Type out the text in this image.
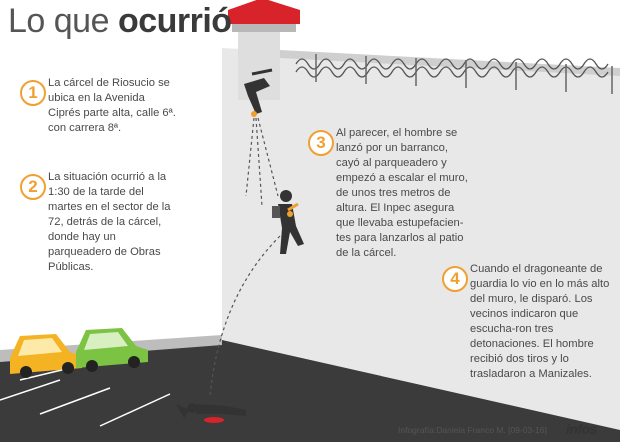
Lo que ocurrió
1 La cárcel de Riosucio se ubica en la Avenida Ciprés parte alta, calle 6ª. con carrera 8ª.
2 La situación ocurrió a la 1:30 de la tarde del martes en el sector de la 72, detrás de la cárcel, donde hay un parqueadero de Obras Públicas.
3 Al parecer, el hombre se lanzó por un barranco, cayó al parqueadero y empezó a escalar el muro, de unos tres metros de altura. El Inpec asegura que llevaba estupefacien-tes para lanzarlos al patio de la cárcel.
4 Cuando el dragoneante de guardia lo vio en lo más alto del muro, le disparó. Los vecinos indicaron que escucha-ron tres detonaciones. El hombre recibió dos tiros y lo trasladaron a Manizales.
Infografía:Daniela Franco M. [09-03-16] infos
